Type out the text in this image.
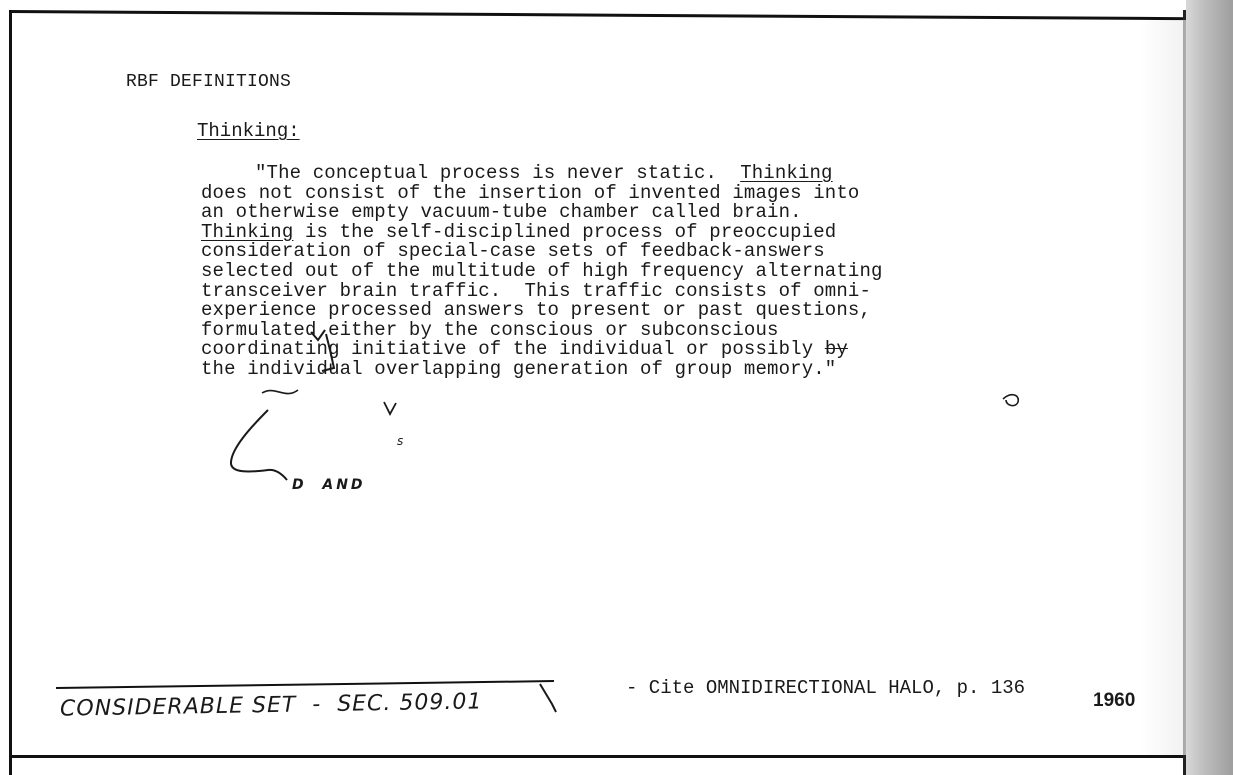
RBF DEFINITIONS
Thinking:
"The conceptual process is never static.  Thinking
does not consist of the insertion of invented images into
an otherwise empty vacuum-tube chamber called brain.
Thinking is the self-disciplined process of preoccupied
consideration of special-case sets of feedback-answers
selected out of the multitude of high frequency alternating
transceiver brain traffic.  This traffic consists of omni-
experience processed answers to present or past questions,
formulated either by the conscious or subconscious
coordinating initiative of the individual or possibly by
the individual overlapping generation of group memory."
D  AND
s
CONSIDERABLE SET  -  SEC. 509.01
- Cite OMNIDIRECTIONAL HALO, p. 136
1960
